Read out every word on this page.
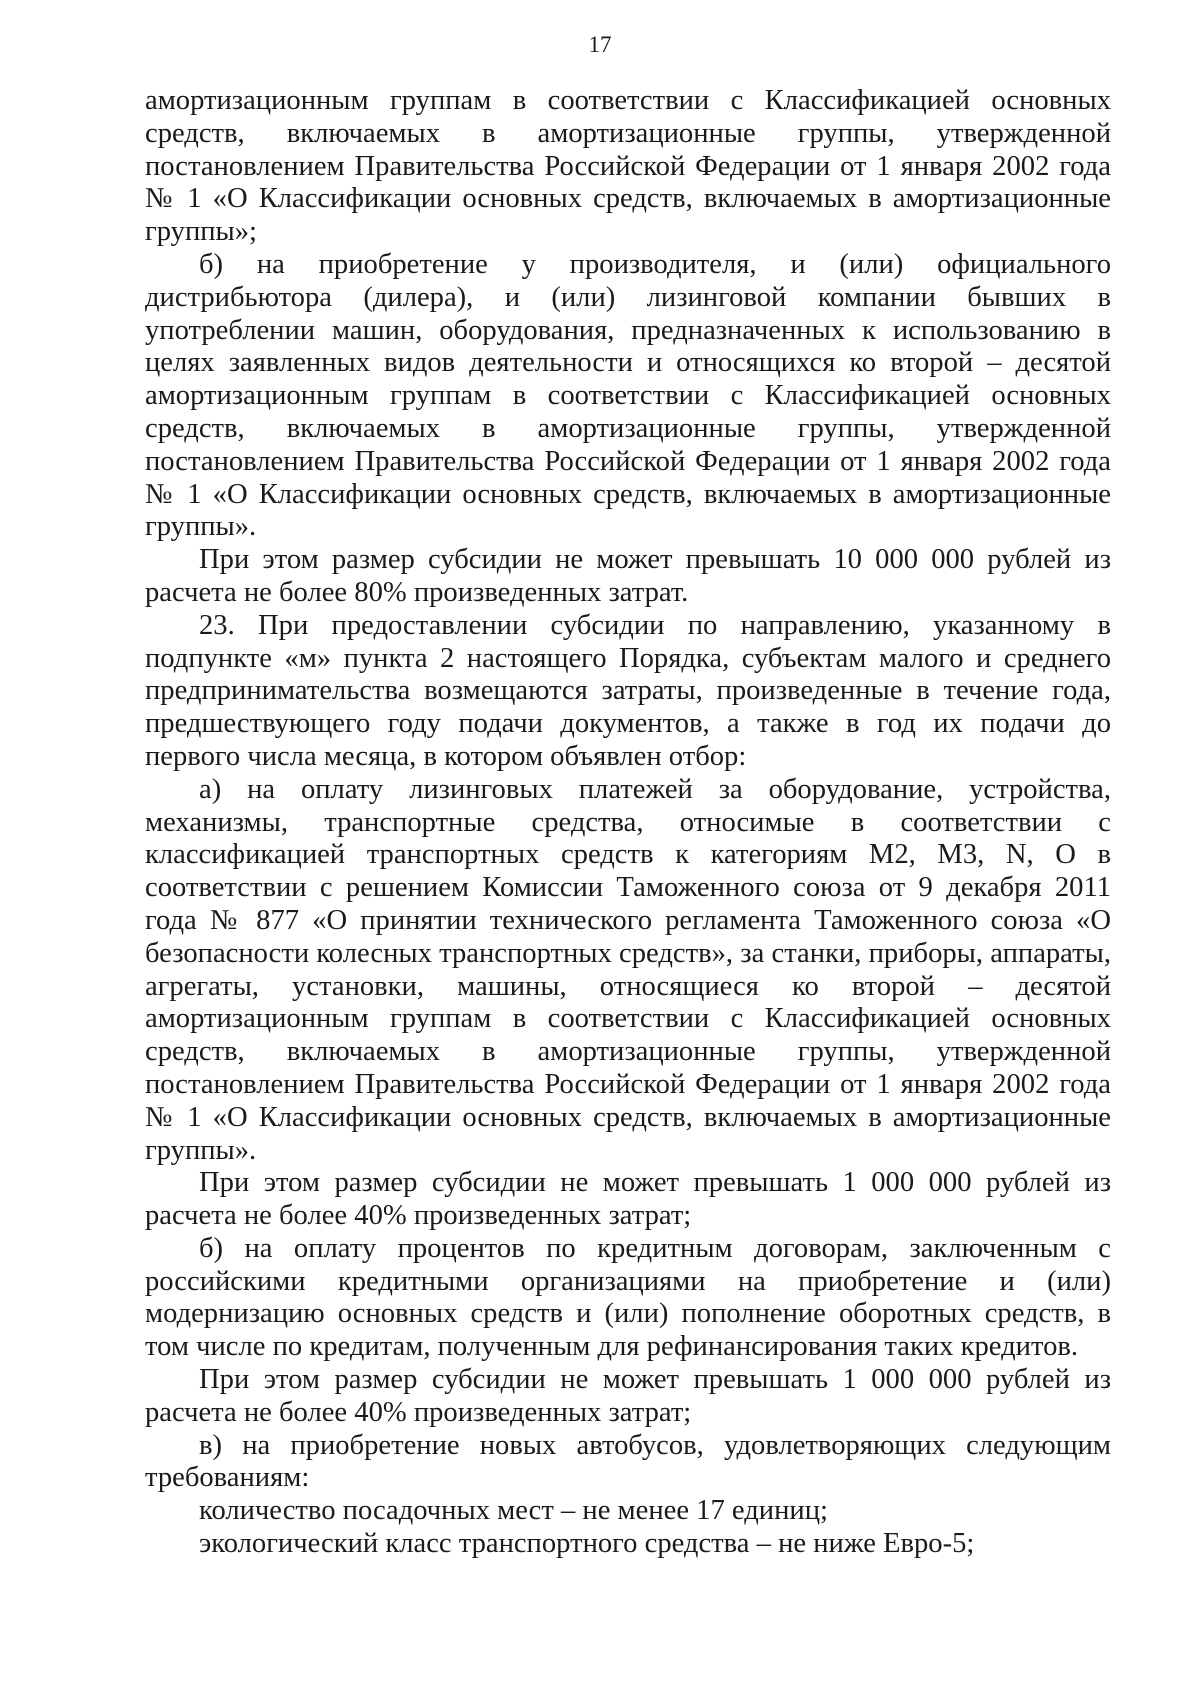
17

амортизационным группам в соответствии с Классификацией основных средств, включаемых в амортизационные группы, утвержденной постановлением Правительства Российской Федерации от 1 января 2002 года № 1 «О Классификации основных средств, включаемых в амортизационные группы»;

б) на приобретение у производителя, и (или) официального дистрибьютора (дилера), и (или) лизинговой компании бывших в употреблении машин, оборудования, предназначенных к использованию в целях заявленных видов деятельности и относящихся ко второй – десятой амортизационным группам в соответствии с Классификацией основных средств, включаемых в амортизационные группы, утвержденной постановлением Правительства Российской Федерации от 1 января 2002 года № 1 «О Классификации основных средств, включаемых в амортизационные группы».

При этом размер субсидии не может превышать 10 000 000 рублей из расчета не более 80% произведенных затрат.

23. При предоставлении субсидии по направлению, указанному в подпункте «м» пункта 2 настоящего Порядка, субъектам малого и среднего предпринимательства возмещаются затраты, произведенные в течение года, предшествующего году подачи документов, а также в год их подачи до первого числа месяца, в котором объявлен отбор:

а) на оплату лизинговых платежей за оборудование, устройства, механизмы, транспортные средства, относимые в соответствии с классификацией транспортных средств к категориям М2, М3, N, O в соответствии с решением Комиссии Таможенного союза от 9 декабря 2011 года № 877 «О принятии технического регламента Таможенного союза «О безопасности колесных транспортных средств», за станки, приборы, аппараты, агрегаты, установки, машины, относящиеся ко второй – десятой амортизационным группам в соответствии с Классификацией основных средств, включаемых в амортизационные группы, утвержденной постановлением Правительства Российской Федерации от 1 января 2002 года № 1 «О Классификации основных средств, включаемых в амортизационные группы».

При этом размер субсидии не может превышать 1 000 000 рублей из расчета не более 40% произведенных затрат;

б) на оплату процентов по кредитным договорам, заключенным с российскими кредитными организациями на приобретение и (или) модернизацию основных средств и (или) пополнение оборотных средств, в том числе по кредитам, полученным для рефинансирования таких кредитов.

При этом размер субсидии не может превышать 1 000 000 рублей из расчета не более 40% произведенных затрат;

в) на приобретение новых автобусов, удовлетворяющих следующим требованиям:

количество посадочных мест – не менее 17 единиц;

экологический класс транспортного средства – не ниже Евро-5;
